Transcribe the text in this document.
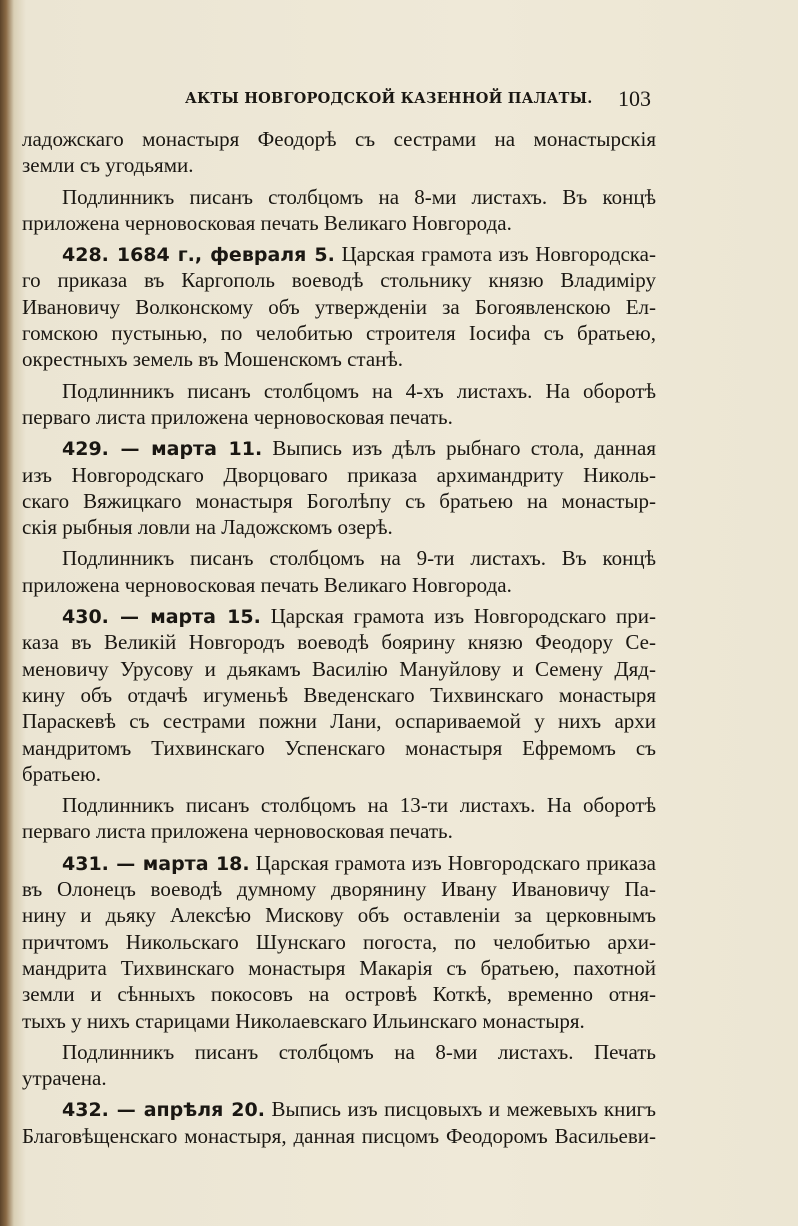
АКТЫ НОВГОРОДСКОЙ КАЗЕННОЙ ПАЛАТЫ. 103
ладожскаго монастыря Феодорѣ съ сестрами на монастырскія
земли съ угодьями.
Подлинникъ писанъ столбцомъ на 8-ми листахъ. Въ концѣ
приложена черновосковая печать Великаго Новгорода.
428. 1684 г., февраля 5. Царская грамота изъ Новгородска-
го приказа въ Каргополь воеводѣ стольнику князю Владиміру
Ивановичу Волконскому объ утвержденіи за Богоявленскою Ел-
гомскою пустынью, по челобитью строителя Іосифа съ братьею,
окрестныхъ земель въ Мошенскомъ станѣ.
Подлинникъ писанъ столбцомъ на 4-хъ листахъ. На оборотѣ
перваго листа приложена черновосковая печать.
429. — марта 11. Выпись изъ дѣлъ рыбнаго стола, данная
изъ Новгородскаго Дворцоваго приказа архимандриту Николь-
скаго Вяжицкаго монастыря Боголѣпу съ братьею на монастыр-
скія рыбныя ловли на Ладожскомъ озерѣ.
Подлинникъ писанъ столбцомъ на 9-ти листахъ. Въ концѣ
приложена черновосковая печать Великаго Новгорода.
430. — марта 15. Царская грамота изъ Новгородскаго при-
каза въ Великій Новгородъ воеводѣ боярину князю Феодору Се-
меновичу Урусову и дьякамъ Василію Мануйлову и Семену Дяд-
кину объ отдачѣ игуменьѣ Введенскаго Тихвинскаго монастыря
Параскевѣ съ сестрами пожни Лани, оспариваемой у нихъ архи
мандритомъ Тихвинскаго Успенскаго монастыря Ефремомъ съ
братьею.
Подлинникъ писанъ столбцомъ на 13-ти листахъ. На оборотѣ
перваго листа приложена черновосковая печать.
431. — марта 18. Царская грамота изъ Новгородскаго приказа
въ Олонецъ воеводѣ думному дворянину Ивану Ивановичу Па-
нину и дьяку Алексѣю Мискову объ оставленіи за церковнымъ
причтомъ Никольскаго Шунскаго погоста, по челобитью архи-
мандрита Тихвинскаго монастыря Макарія съ братьею, пахотной
земли и сѣнныхъ покосовъ на островѣ Коткѣ, временно отня-
тыхъ у нихъ старицами Николаевскаго Ильинскаго монастыря.
Подлинникъ писанъ столбцомъ на 8-ми листахъ. Печать
утрачена.
432. — апрѣля 20. Выпись изъ писцовыхъ и межевыхъ книгъ
Благовѣщенскаго монастыря, данная писцомъ Феодоромъ Васильеви-
